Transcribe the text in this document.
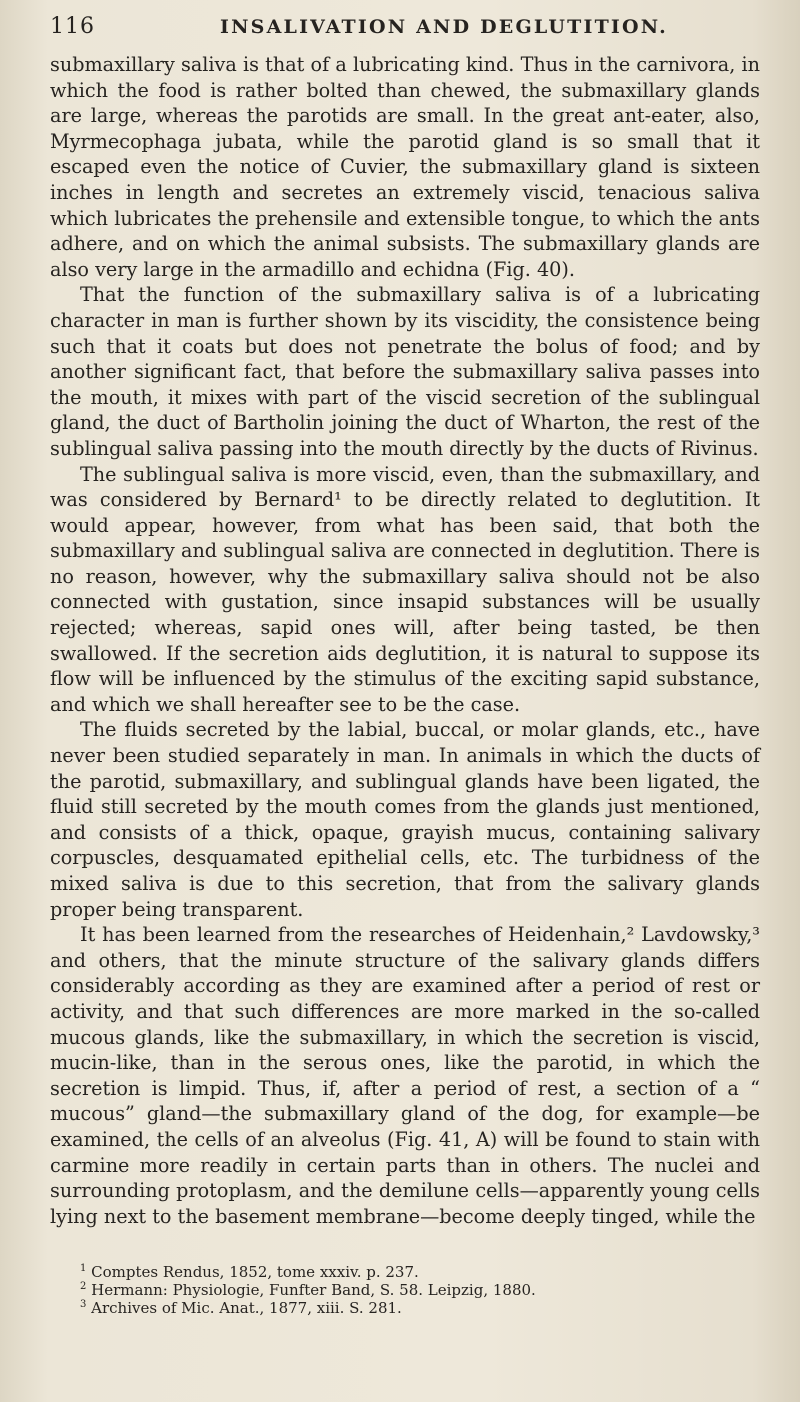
116	INSALIVATION AND DEGLUTITION.

submaxillary saliva is that of a lubricating kind. Thus in the carnivora, in which the food is rather bolted than chewed, the submaxillary glands are large, whereas the parotids are small. In the great ant-eater, also, Myrmecophaga jubata, while the parotid gland is so small that it escaped even the notice of Cuvier, the submaxillary gland is sixteen inches in length and secretes an extremely viscid, tenacious saliva which lubricates the prehensile and extensible tongue, to which the ants adhere, and on which the animal subsists. The submaxillary glands are also very large in the armadillo and echidna (Fig. 40).

That the function of the submaxillary saliva is of a lubricating character in man is further shown by its viscidity, the consistence being such that it coats but does not penetrate the bolus of food; and by another significant fact, that before the submaxillary saliva passes into the mouth, it mixes with part of the viscid secretion of the sublingual gland, the duct of Bartholin joining the duct of Wharton, the rest of the sublingual saliva passing into the mouth directly by the ducts of Rivinus.

The sublingual saliva is more viscid, even, than the submaxillary, and was considered by Bernard¹ to be directly related to deglutition. It would appear, however, from what has been said, that both the submaxillary and sublingual saliva are connected in deglutition. There is no reason, however, why the submaxillary saliva should not be also connected with gustation, since insapid substances will be usually rejected; whereas, sapid ones will, after being tasted, be then swallowed. If the secretion aids deglutition, it is natural to suppose its flow will be influenced by the stimulus of the exciting sapid substance, and which we shall hereafter see to be the case.

The fluids secreted by the labial, buccal, or molar glands, etc., have never been studied separately in man. In animals in which the ducts of the parotid, submaxillary, and sublingual glands have been ligated, the fluid still secreted by the mouth comes from the glands just mentioned, and consists of a thick, opaque, grayish mucus, containing salivary corpuscles, desquamated epithelial cells, etc. The turbidness of the mixed saliva is due to this secretion, that from the salivary glands proper being transparent.

It has been learned from the researches of Heidenhain,² Lavdowsky,³ and others, that the minute structure of the salivary glands differs considerably according as they are examined after a period of rest or activity, and that such differences are more marked in the so-called mucous glands, like the submaxillary, in which the secretion is viscid, mucin-like, than in the serous ones, like the parotid, in which the secretion is limpid. Thus, if, after a period of rest, a section of a “ mucous” gland—the submaxillary gland of the dog, for example—be examined, the cells of an alveolus (Fig. 41, A) will be found to stain with carmine more readily in certain parts than in others. The nuclei and surrounding protoplasm, and the demilune cells—apparently young cells lying next to the basement membrane—become deeply tinged, while the

$^1$ Comptes Rendus, 1852, tome xxxiv. p. 237.
$^2$ Hermann: Physiologie, Funfter Band, S. 58. Leipzig, 1880.
$^3$ Archives of Mic. Anat., 1877, xiii. S. 281.
